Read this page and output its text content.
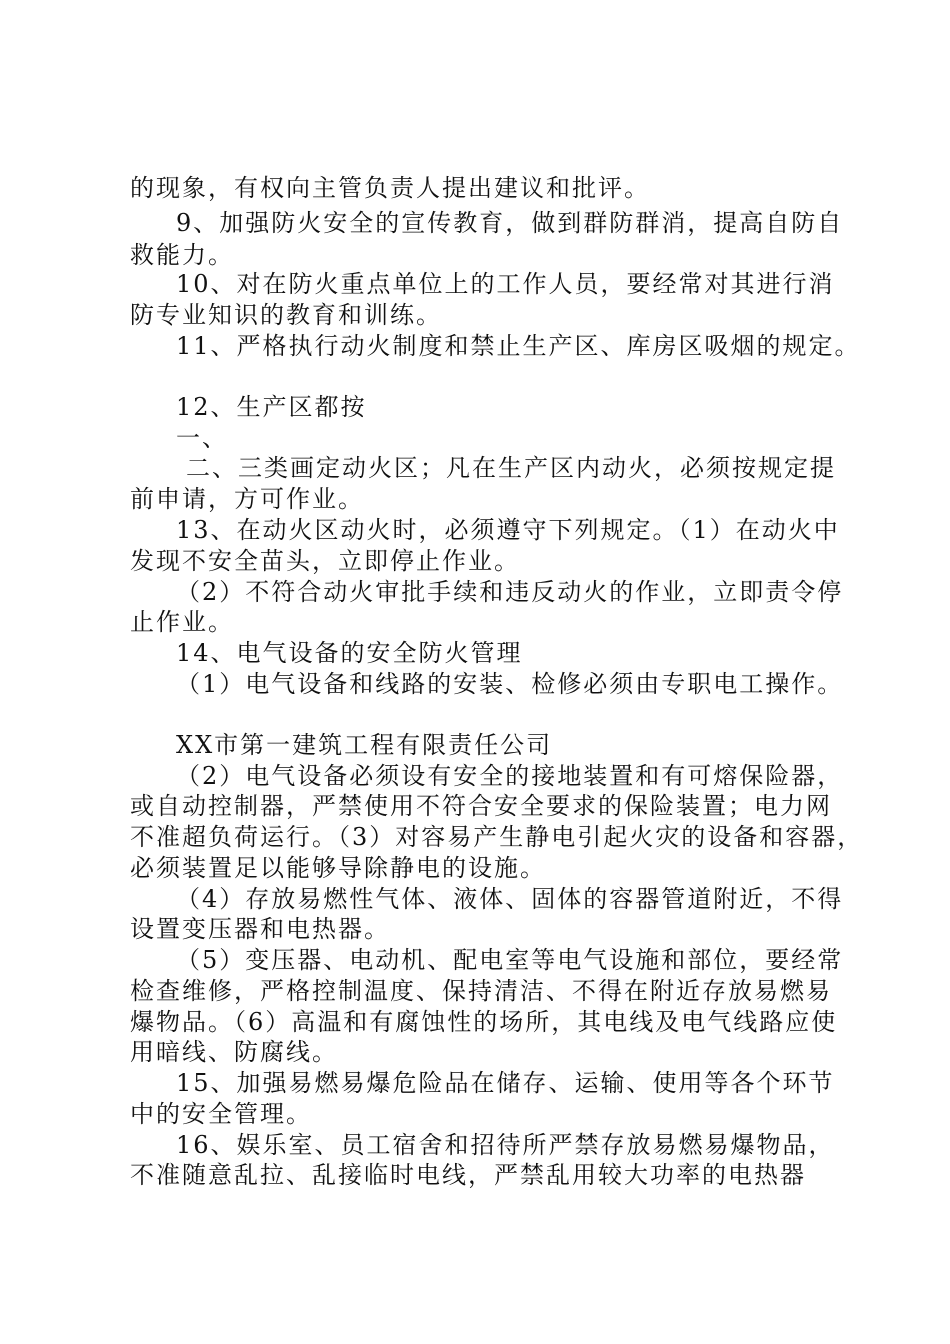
的现象，有权向主管负责人提出建议和批评。
9、加强防火安全的宣传教育，做到群防群消，提高自防自
救能力。
10、对在防火重点单位上的工作人员，要经常对其进行消
防专业知识的教育和训练。
11、严格执行动火制度和禁止生产区、库房区吸烟的规定。
12、生产区都按
一、
二、三类画定动火区；凡在生产区内动火，必须按规定提
前申请，方可作业。
13、在动火区动火时，必须遵守下列规定。（1）在动火中
发现不安全苗头，立即停止作业。
（2）不符合动火审批手续和违反动火的作业，立即责令停
止作业。
14、电气设备的安全防火管理
（1）电气设备和线路的安装、检修必须由专职电工操作。
XX市第一建筑工程有限责任公司
（2）电气设备必须设有安全的接地装置和有可熔保险器，
或自动控制器，严禁使用不符合安全要求的保险装置；电力网
不准超负荷运行。（3）对容易产生静电引起火灾的设备和容器，
必须装置足以能够导除静电的设施。
（4）存放易燃性气体、液体、固体的容器管道附近，不得
设置变压器和电热器。
（5）变压器、电动机、配电室等电气设施和部位，要经常
检查维修，严格控制温度、保持清洁、不得在附近存放易燃易
爆物品。（6）高温和有腐蚀性的场所，其电线及电气线路应使
用暗线、防腐线。
15、加强易燃易爆危险品在储存、运输、使用等各个环节
中的安全管理。
16、娱乐室、员工宿舍和招待所严禁存放易燃易爆物品，
不准随意乱拉、乱接临时电线，严禁乱用较大功率的电热器
